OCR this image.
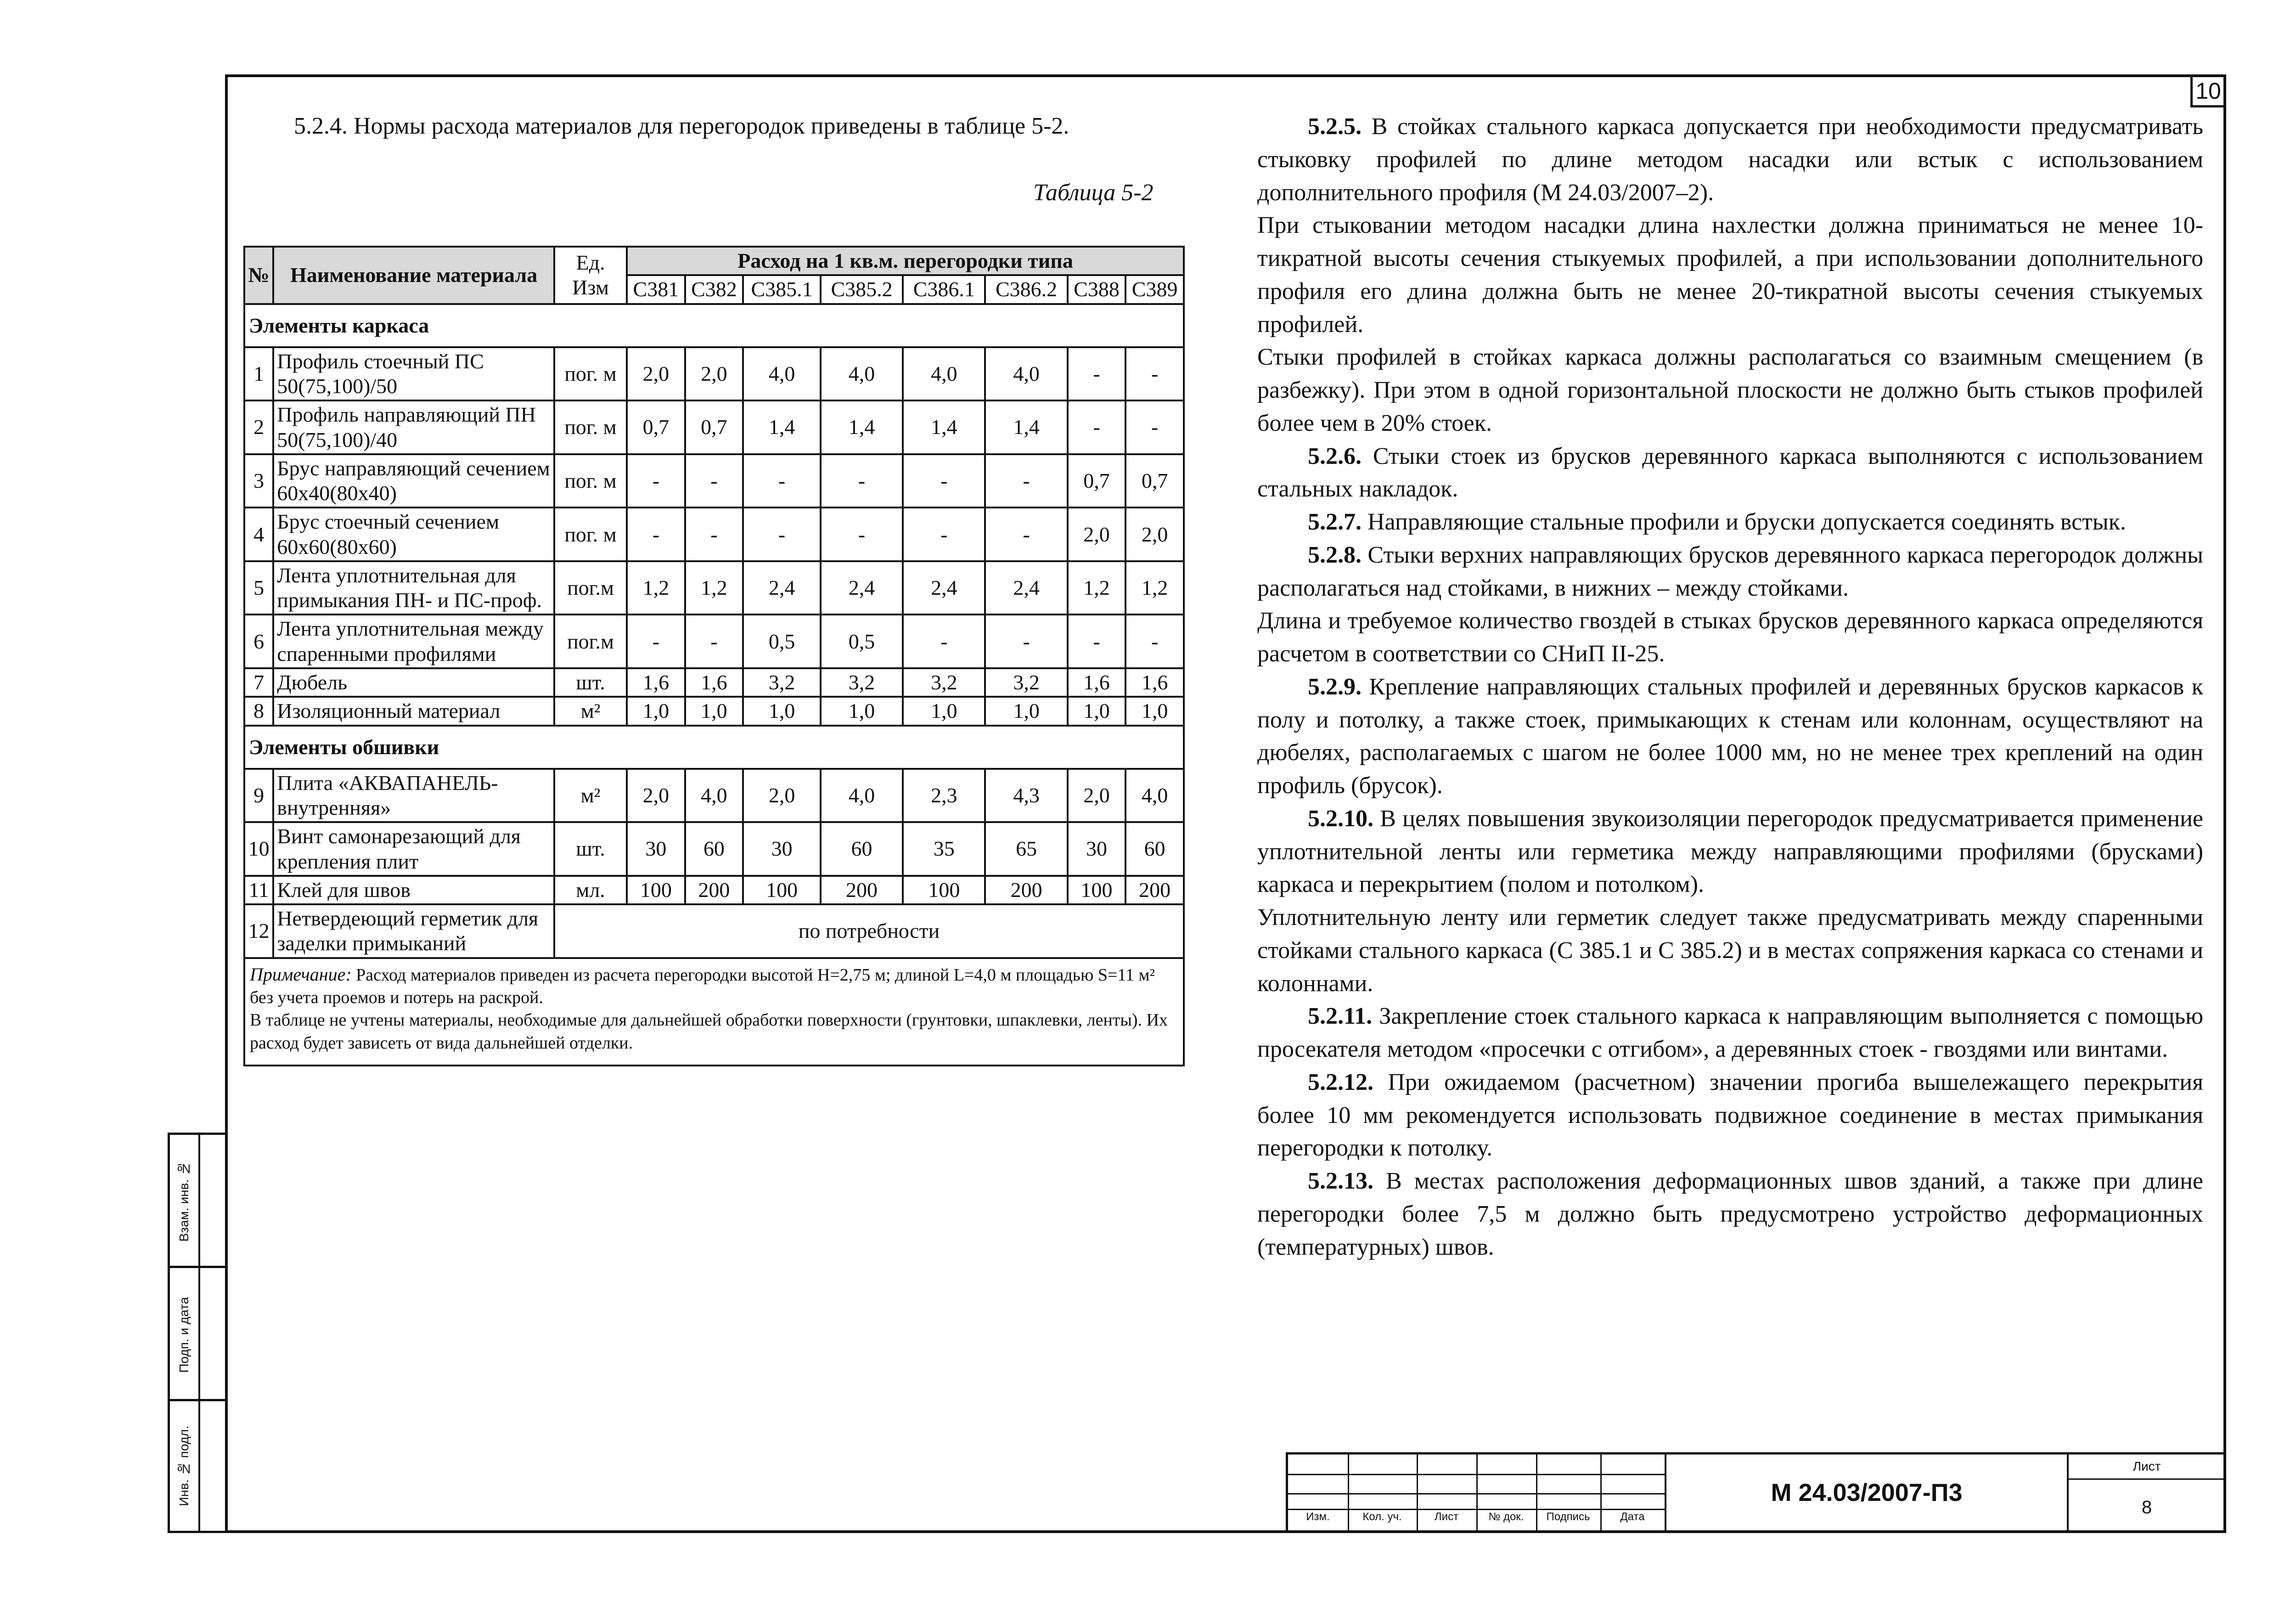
10
Взам. инв. №
Подп. и дата
Инв. № подл.
5.2.4. Нормы расхода материалов для перегородок приведены в таблице 5-2.
Таблица 5-2
№	Наименование материала	Ед. Изм	Расход на 1 кв.м. перегородки типа							
			С381	С382	С385.1	С385.2	С386.1	С386.2	С388	С389
Элементы каркаса										
1	Профиль стоечный ПС 50(75,100)/50	пог. м	2,0	2,0	4,0	4,0	4,0	4,0	-	-
2	Профиль направляющий ПН 50(75,100)/40	пог. м	0,7	0,7	1,4	1,4	1,4	1,4	-	-
3	Брус направляющий сечением 60х40(80х40)	пог. м	-	-	-	-	-	-	0,7	0,7
4	Брус стоечный сечением 60х60(80х60)	пог. м	-	-	-	-	-	-	2,0	2,0
5	Лента уплотнительная для примыкания ПН- и ПС-проф.	пог.м	1,2	1,2	2,4	2,4	2,4	2,4	1,2	1,2
6	Лента уплотнительная между спаренными профилями	пог.м	-	-	0,5	0,5	-	-	-	-
7	Дюбель	шт.	1,6	1,6	3,2	3,2	3,2	3,2	1,6	1,6
8	Изоляционный материал	м²	1,0	1,0	1,0	1,0	1,0	1,0	1,0	1,0
Элементы обшивки										
9	Плита «АКВАПАНЕЛЬ-внутренняя»	м²	2,0	4,0	2,0	4,0	2,3	4,3	2,0	4,0
10	Винт самонарезающий для крепления плит	шт.	30	60	30	60	35	65	30	60
11	Клей для швов	мл.	100	200	100	200	100	200	100	200
12	Нетвердеющий герметик для заделки примыканий	по потребности								
Примечание: Расход материалов приведен из расчета перегородки высотой Н=2,75 м; длиной L=4,0 м площадью S=11 м² без учета проемов и потерь на раскрой.
В таблице не учтены материалы, необходимые для дальнейшей обработки поверхности (грунтовки, шпаклевки, ленты). Их расход будет зависеть от вида дальнейшей отделки.										

5.2.5. В стойках стального каркаса допускается при необходимости предусматривать стыковку профилей по длине методом насадки или встык с использованием дополнительного профиля (М 24.03/2007–2).

При стыковании методом насадки длина нахлестки должна приниматься не менее 10-тикратной высоты сечения стыкуемых профилей, а при использовании дополнительного профиля его длина должна быть не менее 20-тикратной высоты сечения стыкуемых профилей.

Стыки профилей в стойках каркаса должны располагаться со взаимным смещением (в разбежку). При этом в одной горизонтальной плоскости не должно быть стыков профилей более чем в 20% стоек.

5.2.6. Стыки стоек из брусков деревянного каркаса выполняются с использованием стальных накладок.

5.2.7. Направляющие стальные профили и бруски допускается соединять встык.

5.2.8. Стыки верхних направляющих брусков деревянного каркаса перегородок должны располагаться над стойками, в нижних – между стойками.

Длина и требуемое количество гвоздей в стыках брусков деревянного каркаса определяются расчетом в соответствии со СНиП II-25.

5.2.9. Крепление направляющих стальных профилей и деревянных брусков каркасов к полу и потолку, а также стоек, примыкающих к стенам или колоннам, осуществляют на дюбелях, располагаемых с шагом не более 1000 мм, но не менее трех креплений на один профиль (брусок).

5.2.10. В целях повышения звукоизоляции перегородок предусматривается применение уплотнительной ленты или герметика между направляющими профилями (брусками) каркаса и перекрытием (полом и потолком).

Уплотнительную ленту или герметик следует также предусматривать между спаренными стойками стального каркаса (С 385.1 и С 385.2) и в местах сопряжения каркаса со стенами и колоннами.

5.2.11. Закрепление стоек стального каркаса к направляющим выполняется с помощью просекателя методом «просечки с отгибом», а деревянных стоек - гвоздями или винтами.

5.2.12. При ожидаемом (расчетном) значении прогиба вышележащего перекрытия более 10 мм рекомендуется использовать подвижное соединение в местах примыкания перегородки к потолку.

5.2.13. В местах расположения деформационных швов зданий, а также при длине перегородки более 7,5 м должно быть предусмотрено устройство деформационных (температурных) швов.

Изм.	Кол. уч.	Лист	№ док.	Подпись	Дата
М 24.03/2007-П3
Лист
8
